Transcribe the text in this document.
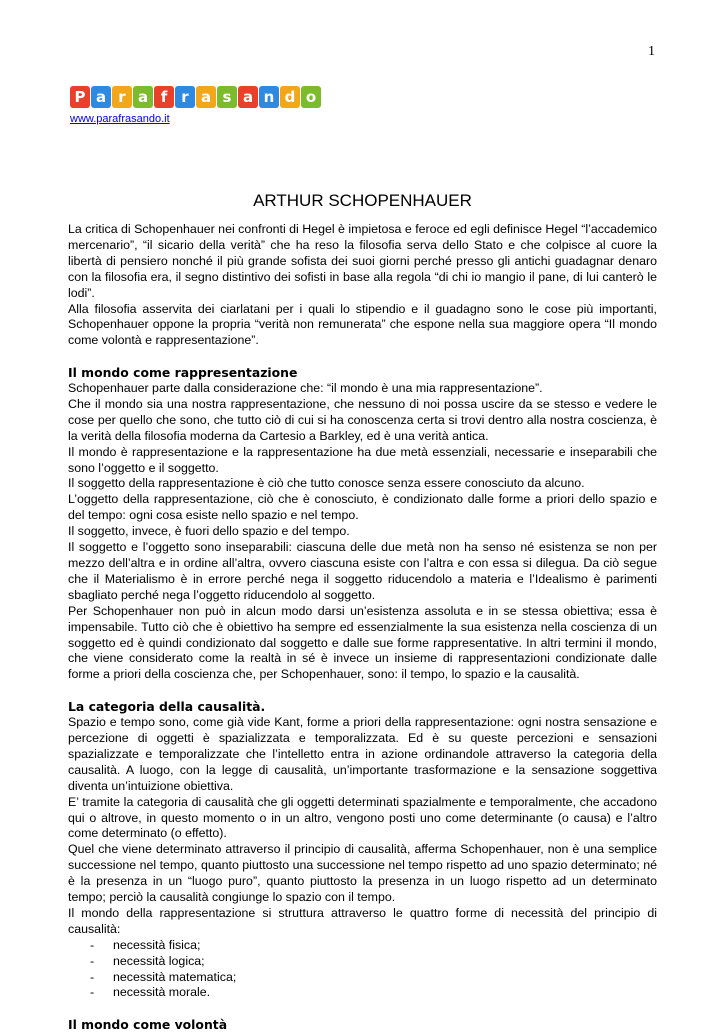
1
P a r a f r a s a n d o
www.parafrasando.it
ARTHUR SCHOPENHAUER

La critica di Schopenhauer nei confronti di Hegel è impietosa e feroce ed egli definisce Hegel “l’accademico mercenario”, “il sicario della verità” che ha reso la filosofia serva dello Stato e che colpisce al cuore la libertà di pensiero nonché il più grande sofista dei suoi giorni perché presso gli antichi guadagnar denaro con la filosofia era, il segno distintivo dei sofisti in base alla regola “di chi io mangio il pane, di lui canterò le lodi”.

Alla filosofia asservita dei ciarlatani per i quali lo stipendio e il guadagno sono le cose più importanti, Schopenhauer oppone la propria “verità non remunerata” che espone nella sua maggiore opera “Il mondo come volontà e rappresentazione”.

Il mondo come rappresentazione

Schopenhauer parte dalla considerazione che: “il mondo è una mia rappresentazione”.

Che il mondo sia una nostra rappresentazione, che nessuno di noi possa uscire da se stesso e vedere le cose per quello che sono, che tutto ciò di cui si ha conoscenza certa si trovi dentro alla nostra coscienza, è la verità della filosofia moderna da Cartesio a Barkley, ed è una verità antica.

Il mondo è rappresentazione e la rappresentazione ha due metà essenziali, necessarie e inseparabili che sono l’oggetto e il soggetto.

Il soggetto della rappresentazione è ciò che tutto conosce senza essere conosciuto da alcuno.

L’oggetto della rappresentazione, ciò che è conosciuto, è condizionato dalle forme a priori dello spazio e del tempo: ogni cosa esiste nello spazio e nel tempo.

Il soggetto, invece, è fuori dello spazio e del tempo.

Il soggetto e l’oggetto sono inseparabili: ciascuna delle due metà non ha senso né esistenza se non per mezzo dell’altra e in ordine all’altra, ovvero ciascuna esiste con l’altra e con essa si dilegua. Da ciò segue che il Materialismo è in errore perché nega il soggetto riducendolo a materia e l’Idealismo è parimenti sbagliato perché nega l’oggetto riducendolo al soggetto.

Per Schopenhauer non può in alcun modo darsi un’esistenza assoluta e in se stessa obiettiva; essa è impensabile. Tutto ciò che è obiettivo ha sempre ed essenzialmente la sua esistenza nella coscienza di un soggetto ed è quindi condizionato dal soggetto e dalle sue forme rappresentative. In altri termini il mondo, che viene considerato come la realtà in sé è invece un insieme di rappresentazioni condizionate dalle forme a priori della coscienza che, per Schopenhauer, sono: il tempo, lo spazio e la causalità.

La categoria della causalità.

Spazio e tempo sono, come già vide Kant, forme a priori della rappresentazione: ogni nostra sensazione e percezione di oggetti è spazializzata e temporalizzata. Ed è su queste percezioni e sensazioni spazializzate e temporalizzate che l’intelletto entra in azione ordinandole attraverso la categoria della causalità. A luogo, con la legge di causalità, un’importante trasformazione e la sensazione soggettiva diventa un’intuizione obiettiva.

E’ tramite la categoria di causalità che gli oggetti determinati spazialmente e temporalmente, che accadono qui o altrove, in questo momento o in un altro, vengono posti uno come determinante (o causa) e l’altro come determinato (o effetto).

Quel che viene determinato attraverso il principio di causalità, afferma Schopenhauer, non è una semplice successione nel tempo, quanto piuttosto una successione nel tempo rispetto ad uno spazio determinato; né è la presenza in un “luogo puro”, quanto piuttosto la presenza in un luogo rispetto ad un determinato tempo; perciò la causalità congiunge lo spazio con il tempo.

Il mondo della rappresentazione si struttura attraverso le quattro forme di necessità del principio di causalità:

- necessità fisica;
- necessità logica;
- necessità matematica;
- necessità morale.
Il mondo come volontà
